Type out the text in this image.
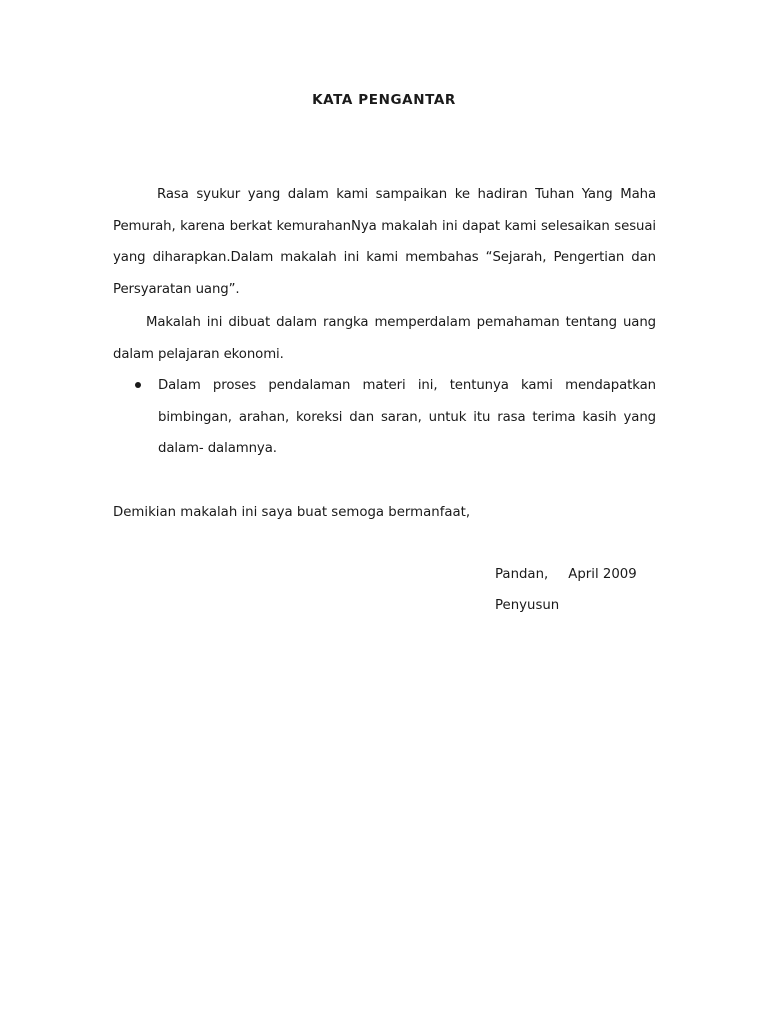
KATA PENGANTAR
Rasa syukur yang dalam kami sampaikan ke hadiran Tuhan Yang Maha Pemurah, karena berkat kemurahanNya makalah ini dapat kami selesaikan sesuai yang diharapkan.Dalam makalah ini kami membahas “Sejarah, Pengertian dan Persyaratan uang”.
Makalah ini dibuat dalam rangka memperdalam pemahaman tentang uang dalam pelajaran ekonomi.
Dalam proses pendalaman materi ini, tentunya kami mendapatkan bimbingan, arahan, koreksi dan saran, untuk itu rasa terima kasih yang dalam- dalamnya.
Demikian makalah ini saya buat semoga bermanfaat,
Pandan, April 2009
Penyusun
